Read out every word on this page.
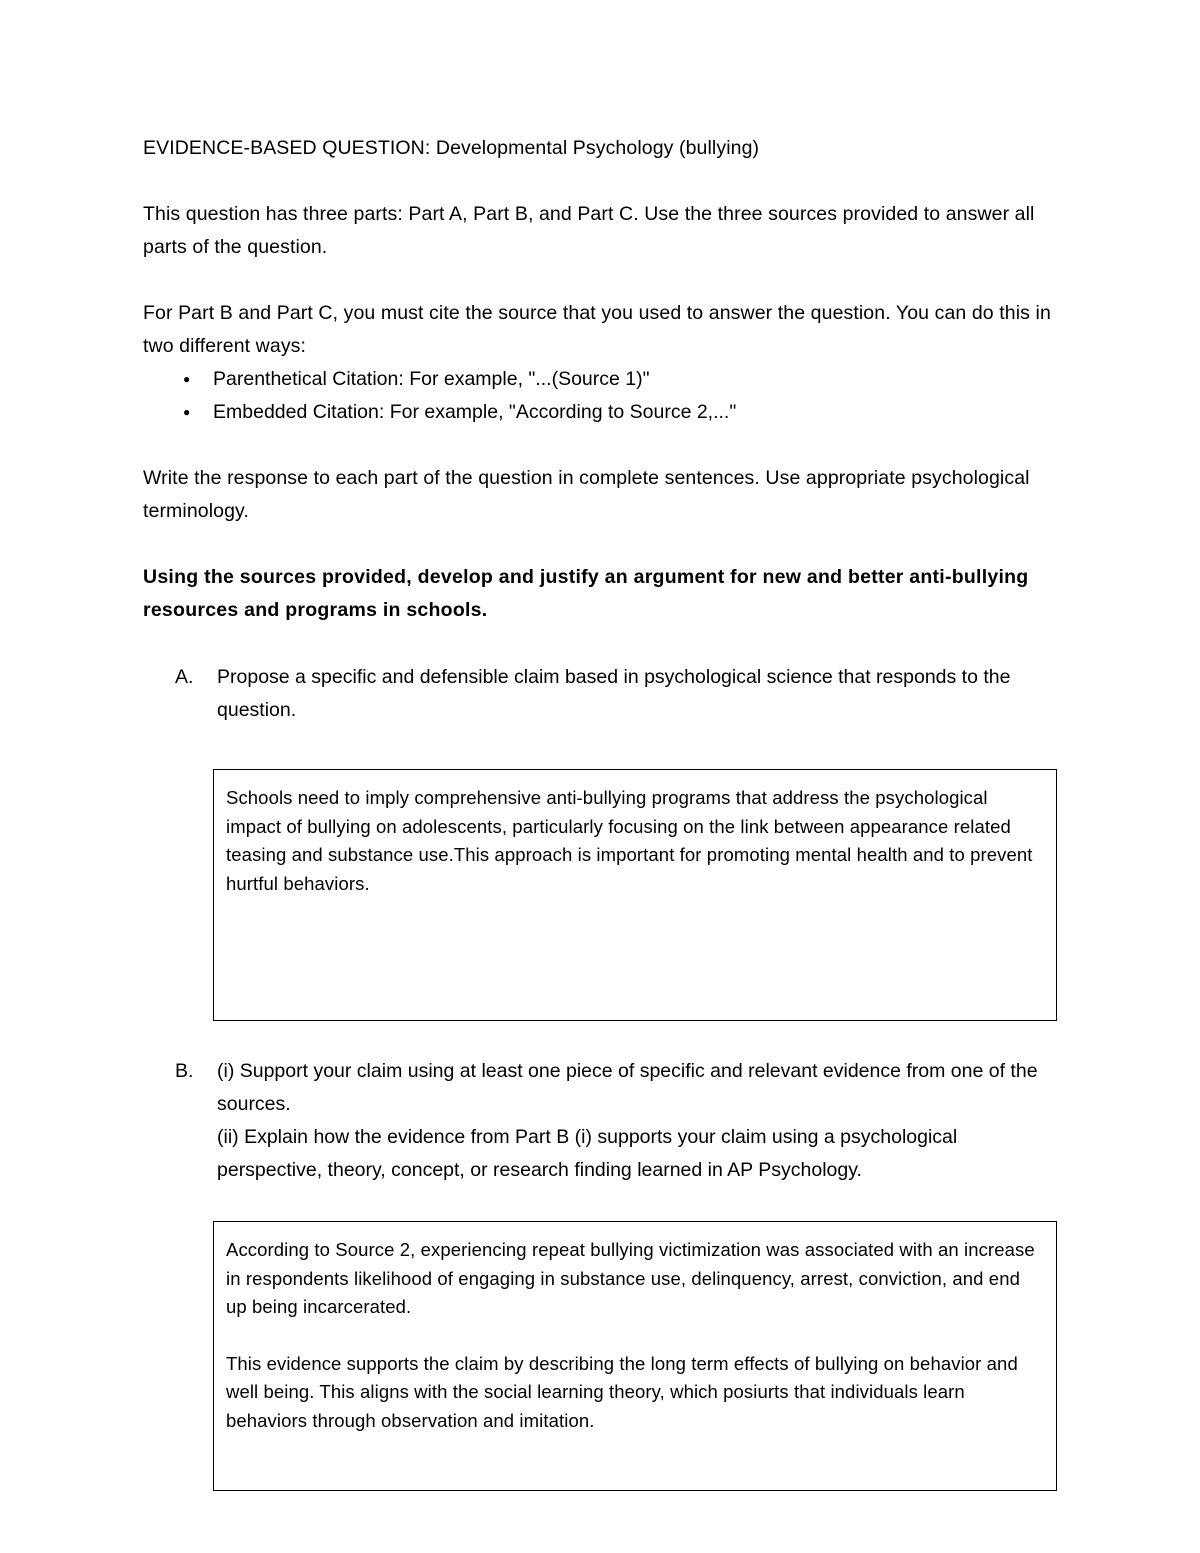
EVIDENCE-BASED QUESTION: Developmental Psychology (bullying)

This question has three parts: Part A, Part B, and Part C. Use the three sources provided to answer all parts of the question.

For Part B and Part C, you must cite the source that you used to answer the question. You can do this in two different ways:

● Parenthetical Citation: For example, "...(Source 1)"
● Embedded Citation: For example, "According to Source 2,..."

Write the response to each part of the question in complete sentences. Use appropriate psychological terminology.

Using the sources provided, develop and justify an argument for new and better anti-bullying resources and programs in schools.

A.	Propose a specific and defensible claim based in psychological science that responds to the question.

Schools need to imply comprehensive anti-bullying programs that address the psychological impact of bullying on adolescents, particularly focusing on the link between appearance related teasing and substance use.This approach is important for promoting mental health and to prevent hurtful behaviors.

B.	(i) Support your claim using at least one piece of specific and relevant evidence from one of the sources.
(ii) Explain how the evidence from Part B (i) supports your claim using a psychological perspective, theory, concept, or research finding learned in AP Psychology.

According to Source 2, experiencing repeat bullying victimization was associated with an increase in respondents likelihood of engaging in substance use, delinquency, arrest, conviction, and end up being incarcerated.

This evidence supports the claim by describing the long term effects of bullying on behavior and well being. This aligns with the social learning theory, which posiurts that individuals learn behaviors through observation and imitation.
